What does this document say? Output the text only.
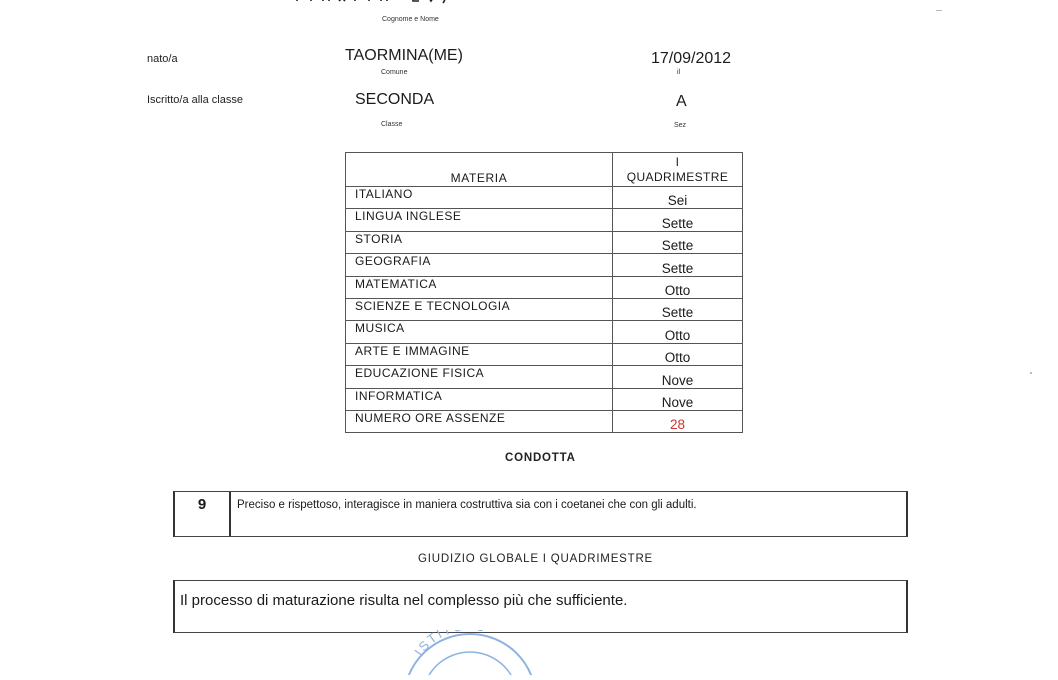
Cognome e Nome
nato/a	TAORMINA(ME)
Comune
17/09/2012
il
Iscritto/a alla classe	SECONDA
Classe
A
Sez
MATERIA	I
QUADRIMESTRE

ITALIANO	Sei
LINGUA INGLESE	Sette
STORIA	Sette
GEOGRAFIA	Sette
MATEMATICA	Otto
SCIENZE E TECNOLOGIA	Sette
MUSICA	Otto
ARTE E IMMAGINE	Otto
EDUCAZIONE FISICA	Nove
INFORMATICA	Nove
NUMERO ORE ASSENZE	28
CONDOTTA
9	Preciso e rispettoso, interagisce in maniera costruttiva sia con i coetanei che con gli adulti.
GIUDIZIO GLOBALE I QUADRIMESTRE
Il processo di maturazione risulta nel complesso più che sufficiente.
ISTI
